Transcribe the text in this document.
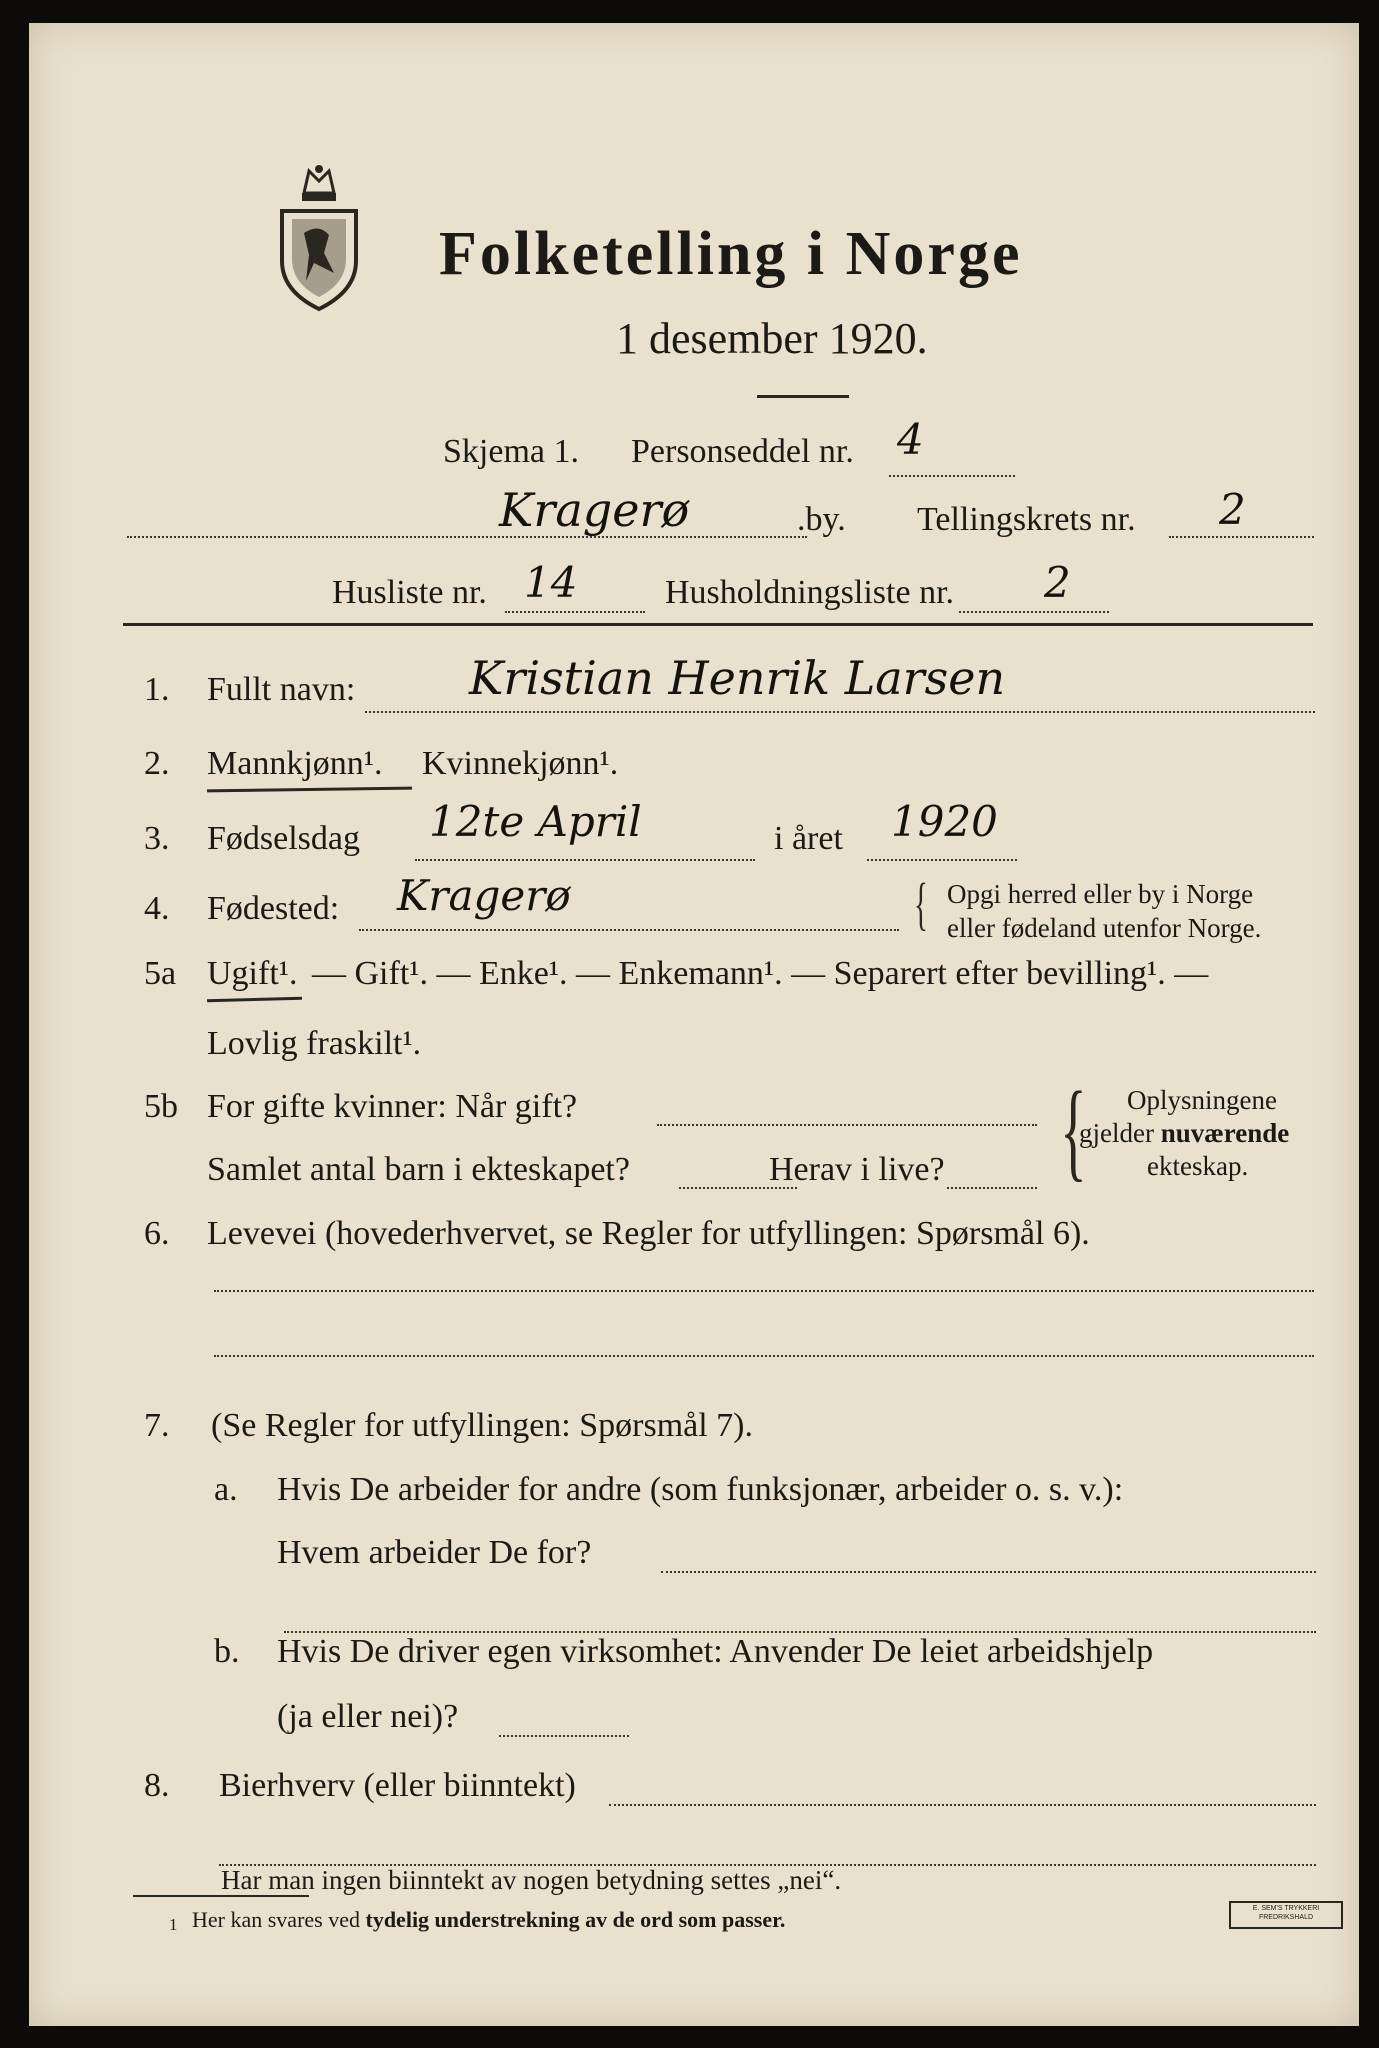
Folketelling i Norge
1 desember 1920.
Skjema 1. Personseddel nr. 4
Kragerø	.by. Tellingskrets nr. 2
Husliste nr. 14	Husholdningsliste nr. 2
1. Fullt navn: Kristian Henrik Larsen
2. Mannkjønn¹. Kvinnekjønn¹.
3. Fødselsdag 12te April	i året 1920
4. Fødested: Kragerø	{ Opgi herred eller by i Norge
eller fødeland utenfor Norge.
5a Ugift¹. — Gift¹. — Enke¹. — Enkemann¹. — Separert efter bevilling¹. —
Lovlig fraskilt¹.
5b For gifte kvinner: Når gift?
Samlet antal barn i ekteskapet?	Herav i live? { Oplysningene
gjelder nuværende
ekteskap.
6. Levevei (hovederhvervet, se Regler for utfyllingen: Spørsmål 6).
7. (Se Regler for utfyllingen: Spørsmål 7).
a. Hvis De arbeider for andre (som funksjonær, arbeider o. s. v.):
Hvem arbeider De for?
b. Hvis De driver egen virksomhet: Anvender De leiet arbeidshjelp
(ja eller nei)?
8. Bierhverv (eller biinntekt)
Har man ingen biinntekt av nogen betydning settes „nei“.
1 Her kan svares ved tydelig understrekning av de ord som passer.	E. SEM'S TRYKKERI
FREDRIKSHALD
